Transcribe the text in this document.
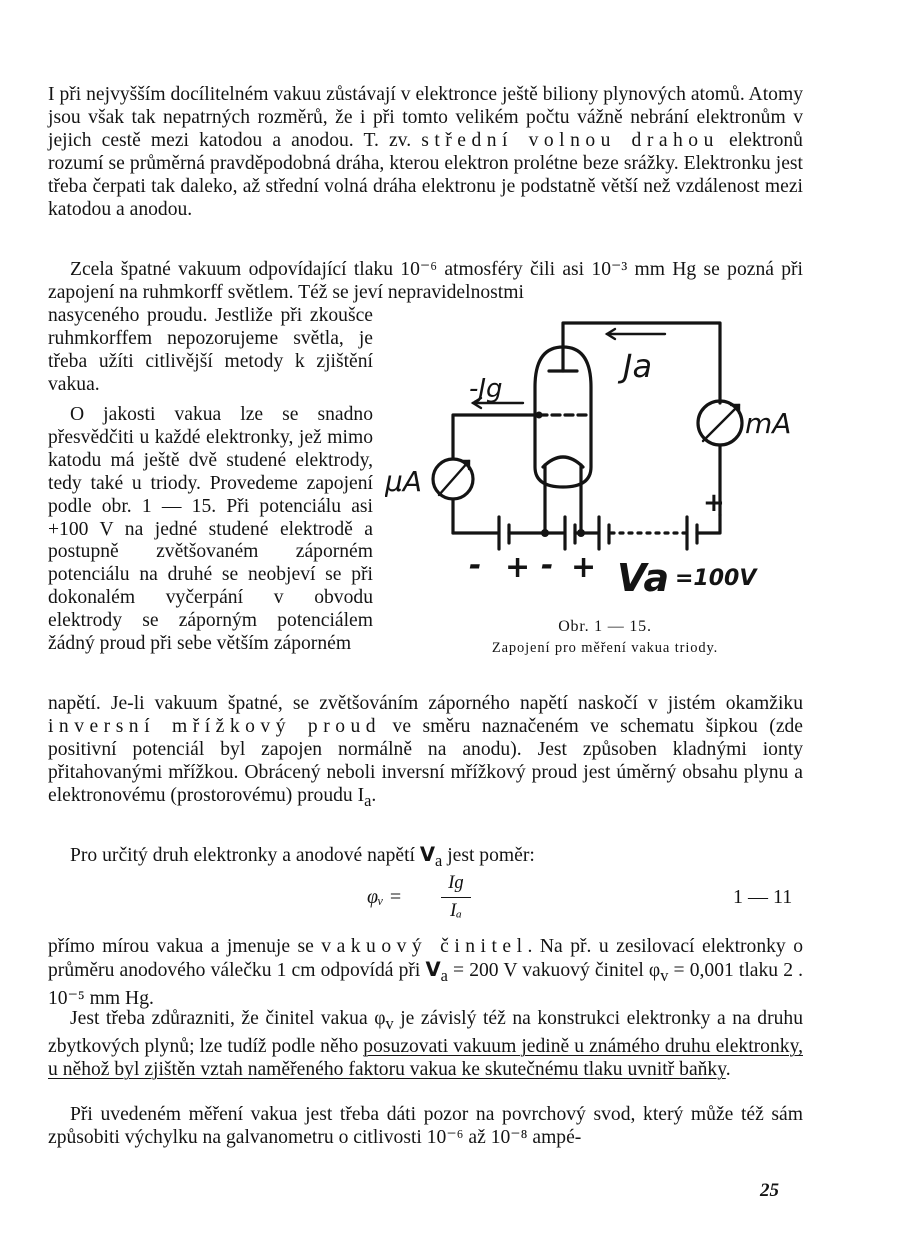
I při nejvyšším docílitelném vakuu zůstávají v elektronce ještě biliony plynových atomů. Atomy jsou však tak nepatrných rozměrů, že i při tomto velikém počtu vážně nebrání elektronům v jejich cestě mezi katodou a anodou. T. zv. střední volnou drahou elektronů rozumí se průměrná pravděpodobná dráha, kterou elektron prolétne beze srážky. Elektronku jest třeba čerpati tak daleko, až střední volná dráha elektronu je podstatně větší než vzdálenost mezi katodou a anodou.

Zcela špatné vakuum odpovídající tlaku 10⁻⁶ atmosféry čili asi 10⁻³ mm Hg se pozná při zapojení na ruhmkorff světlem. Též se jeví nepravidelnostmi

nasyceného proudu. Jestliže při zkoušce ruhmkorffem nepozorujeme světla, je třeba užíti citlivější metody k zjištění vakua.

O jakosti vakua lze se snadno přesvědčiti u každé elektronky, jež mimo katodu má ještě dvě studené elektrody, tedy také u triody. Provedeme zapojení podle obr. 1 — 15. Při potenciálu asi +100 V na jedné studené elektrodě a postupně zvětšovaném záporném potenciálu na druhé se neobjeví se při dokonalém vyčerpání v obvodu elektrody se záporným potenciálem žádný proud při sebe větším záporném

napětí. Je-li vakuum špatné, se zvětšováním záporného napětí naskočí v jistém okamžiku inversní mřížkový proud ve směru naznačeném ve schematu šipkou (zde positivní potenciál byl zapojen normálně na anodu). Jest způsoben kladnými ionty přitahovanými mřížkou. Obrácený neboli inversní mřížkový proud jest úměrný obsahu plynu a elektronovému (prostorovému) proudu $I_a$.

Pro určitý druh elektronky a anodové napětí $V_a$ jest poměr:

φᵥ =
Iɡ
Iₐ
1 — 11

přímo mírou vakua a jmenuje se vakuový činitel. Na př. u zesilovací elektronky o průměru anodového válečku 1 cm odpovídá při $V_a = 200$ V vakuový činitel $\varphi_v = 0,001$ tlaku 2 . 10⁻⁵ mm Hg.

Jest třeba zdůrazniti, že činitel vakua $\varphi_v$ je závislý též na konstrukci elektronky a na druhu zbytkových plynů; lze tudíž podle něho posuzovati vakuum jedině u známého druhu elektronky, u něhož byl zjištěn vztah naměřeného faktoru vakua ke skutečnému tlaku uvnitř baňky.

Při uvedeném měření vakua jest třeba dáti pozor na povrchový svod, který může též sám způsobiti výchylku na galvanometru o citlivosti 10⁻⁶ až 10⁻⁸ ampé-

Ja
-Jg
mA
μA
- + - +
+
Va =100V
Obr. 1 — 15.
Zapojení pro měření vakua triody.
25
